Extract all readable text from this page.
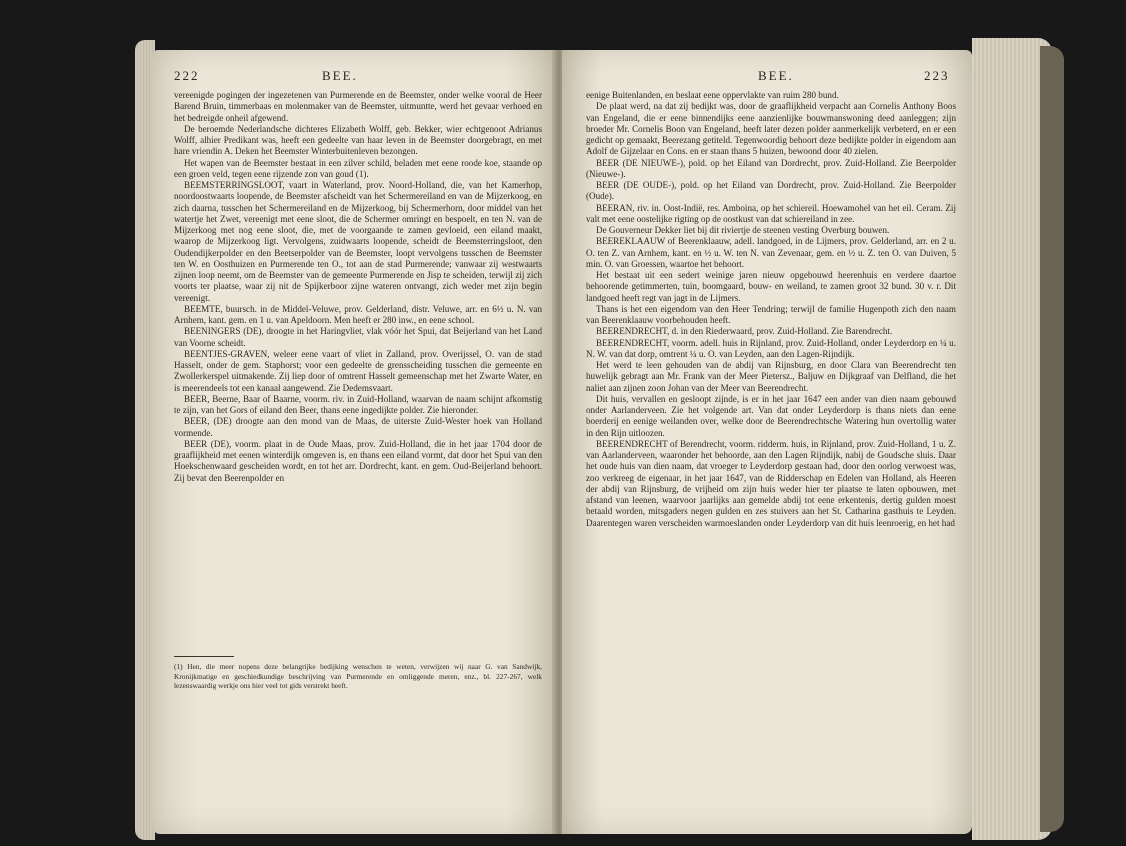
222	BEE.

vereenigde pogingen der ingezetenen van Purmerende en de Beemster, onder welke vooral de Heer Barend Bruin, timmerbaas en molenmaker van de Beemster, uitmuntte, werd het gevaar verhoed en het bedreigde onheil afgewend.

De beroemde Nederlandsche dichteres Elizabeth Wolff, geb. Bekker, wier echtgenoot Adrianus Wolff, alhier Predikant was, heeft een gedeelte van haar leven in de Beemster doorgebragt, en met hare vriendin A. Deken het Beemster Winterbuitenleven bezongen.

Het wapen van de Beemster bestaat in een zilver schild, beladen met eene roode koe, staande op een groen veld, tegen eene rijzende zon van goud (1).

BEEMSTERRINGSLOOT, vaart in Waterland, prov. Noord-Holland, die, van het Kamerhop, noordoostwaarts loopende, de Beemster afscheidt van het Schermereiland en van de Mijzerkoog, en zich daarna, tusschen het Schermereiland en de Mijzerkoog, bij Schermerhorn, door middel van het watertje het Zwet, vereenigt met eene sloot, die de Schermer omringt en bespoelt, en ten N. van de Mijzerkoog met nog eene sloot, die, met de voorgaande te zamen gevloeid, een eiland maakt, waarop de Mijzerkoog ligt. Vervolgens, zuidwaarts loopende, scheidt de Beemsterringsloot, den Oudendijkerpolder en den Beetserpolder van de Beemster, loopt vervolgens tusschen de Beemster ten W. en Oosthuizen en Purmerende ten O., tot aan de stad Purmerende; vanwaar zij westwaarts zijnen loop neemt, om de Beemster van de gemeente Purmerende en Jisp te scheiden, terwijl zij zich voorts ter plaatse, waar zij nit de Spijkerboor zijne wateren ontvangt, zich weder met zijn begin vereenigt.

BEEMTE, buursch. in de Middel-Veluwe, prov. Gelderland, distr. Veluwe, arr. en 6½ u. N. van Arnhem, kant. gem. en 1 u. van Apeldoorn. Men heeft er 280 inw., en eene school.

BEENINGERS (DE), droogte in het Haringvliet, vlak vóór het Spui, dat Beijerland van het Land van Voorne scheidt.

BEENTJES-GRAVEN, weleer eene vaart of vliet in Zalland, prov. Overijssel, O. van de stad Hasselt, onder de gem. Staphorst; voor een gedeelte de grensscheiding tusschen die gemeente en Zwollerkerspel uitmakende. Zij liep door of omtrent Hasselt gemeenschap met het Zwarte Water, en is meerendeels tot een kanaal aangewend. Zie Dedemsvaart.

BEER, Beerne, Baar of Baarne, voorm. riv. in Zuid-Holland, waarvan de naam schijnt afkomstig te zijn, van het Gors of eiland den Beer, thans eene ingedijkte polder. Zie hieronder.

BEER, (DE) droogte aan den mond van de Maas, de uiterste Zuid-Wester hoek van Holland vormende.

BEER (DE), voorm. plaat in de Oude Maas, prov. Zuid-Holland, die in het jaar 1704 door de graaflijkheid met eenen winterdijk omgeven is, en thans een eiland vormt, dat door het Spui van den Hoekschenwaard gescheiden wordt, en tot het arr. Dordrecht, kant. en gem. Oud-Beijerland behoort. Zij bevat den Beerenpolder en

(1) Hen, die meer nopens deze belangrijke bedijking wenschen te weten, verwijzen wij naar G. van Sandwijk, Kronijkmatige en geschiedkundige beschrijving van Purmerende en omliggende meren, enz., bl. 227-267, welk lezenswaardig werkje ons hier veel tot gids verstrekt heeft.
BEE.	223

eenige Buitenlanden, en beslaat eene oppervlakte van ruim 280 bund.

De plaat werd, na dat zij bedijkt was, door de graaflijkheid verpacht aan Cornelis Anthony Boos van Engeland, die er eene binnendijks eene aanzienlijke bouwmanswoning deed aanleggen; zijn broeder Mr. Cornelis Boon van Engeland, heeft later dezen polder aanmerkelijk verbeterd, en er een gedicht op gemaakt, Beerezang getiteld. Tegenwoordig behoort deze bedijkte polder in eigendom aan Adolf de Gijzelaar en Cons. en er staan thans 5 huizen, bewoond door 40 zielen.

BEER (DE NIEUWE-), pold. op het Eiland van Dordrecht, prov. Zuid-Holland. Zie Beerpolder (Nieuwe-).

BEER (DE OUDE-), pold. op het Eiland van Dordrecht, prov. Zuid-Holland. Zie Beerpolder (Oude).

BEERAN, riv. in. Oost-Indië, res. Amboina, op het schiereil. Hoewamohel van het eil. Ceram. Zij valt met eene oostelijke rigting op de oostkust van dat schiereiland in zee.

De Gouverneur Dekker liet bij dit riviertje de steenen vesting Overburg bouwen.

BEEREKLAAUW of Beerenklaauw, adell. landgoed, in de Lijmers, prov. Gelderland, arr. en 2 u. O. ten Z. van Arnhem, kant. en ½ u. W. ten N. van Zevenaar, gem. en ½ u. Z. ten O. van Duiven, 5 min. O. van Groessen, waartoe het behoort.

Het bestaat uit een sedert weinige jaren nieuw opgebouwd heerenhuis en verdere daartoe behoorende getimmerten, tuin, boomgaard, bouw- en weiland, te zamen groot 32 bund. 30 v. r. Dit landgoed heeft regt van jagt in de Lijmers.

Thans is het een eigendom van den Heer Tendring; terwijl de familie Hugenpoth zich den naam van Beerenklaauw voorbehouden heeft.

BEERENDRECHT, d. in den Riederwaard, prov. Zuid-Holland. Zie Barendrecht.

BEERENDRECHT, voorm. adell. huis in Rijnland, prov. Zuid-Holland, onder Leyderdorp en ¼ u. N. W. van dat dorp, omtrent ¼ u. O. van Leyden, aan den Lagen-Rijndijk.

Het werd te leen gehouden van de abdij van Rijnsburg, en door Clara van Beerendrecht ten huwelijk gebragt aan Mr. Frank van der Meer Pietersz., Baljuw en Dijkgraaf van Delfland, die het naliet aan zijnen zoon Johan van der Meer van Beerendrecht.

Dit huis, vervallen en gesloopt zijnde, is er in het jaar 1647 een ander van dien naam gebouwd onder Aarlanderveen. Zie het volgende art. Van dat onder Leyderdorp is thans niets dan eene boerderij en eenige weilanden over, welke door de Beerendrechtsche Watering hun overtollig water in den Rijn uitloozen.

BEERENDRECHT of Berendrecht, voorm. ridderm. huis, in Rijnland, prov. Zuid-Holland, 1 u. Z. van Aarlanderveen, waaronder het behoorde, aan den Lagen Rijndijk, nabij de Goudsche sluis. Daar het oude huis van dien naam, dat vroeger te Leyderdorp gestaan had, door den oorlog verwoest was, zoo verkreeg de eigenaar, in het jaar 1647, van de Ridderschap en Edelen van Holland, als Heeren der abdij van Rijnsburg, de vrijheid om zijn huis weder hier ter plaatse te laten opbouwen, met afstand van leenen, waarvoor jaarlijks aan gemelde abdij tot eene erkentenis, dertig gulden moest betaald worden, mitsgaders negen gulden en zes stuivers aan het St. Catharina gasthuis te Leyden. Daarentegen waren verscheiden warmoeslanden onder Leyderdorp van dit huis leenroerig, en het had
